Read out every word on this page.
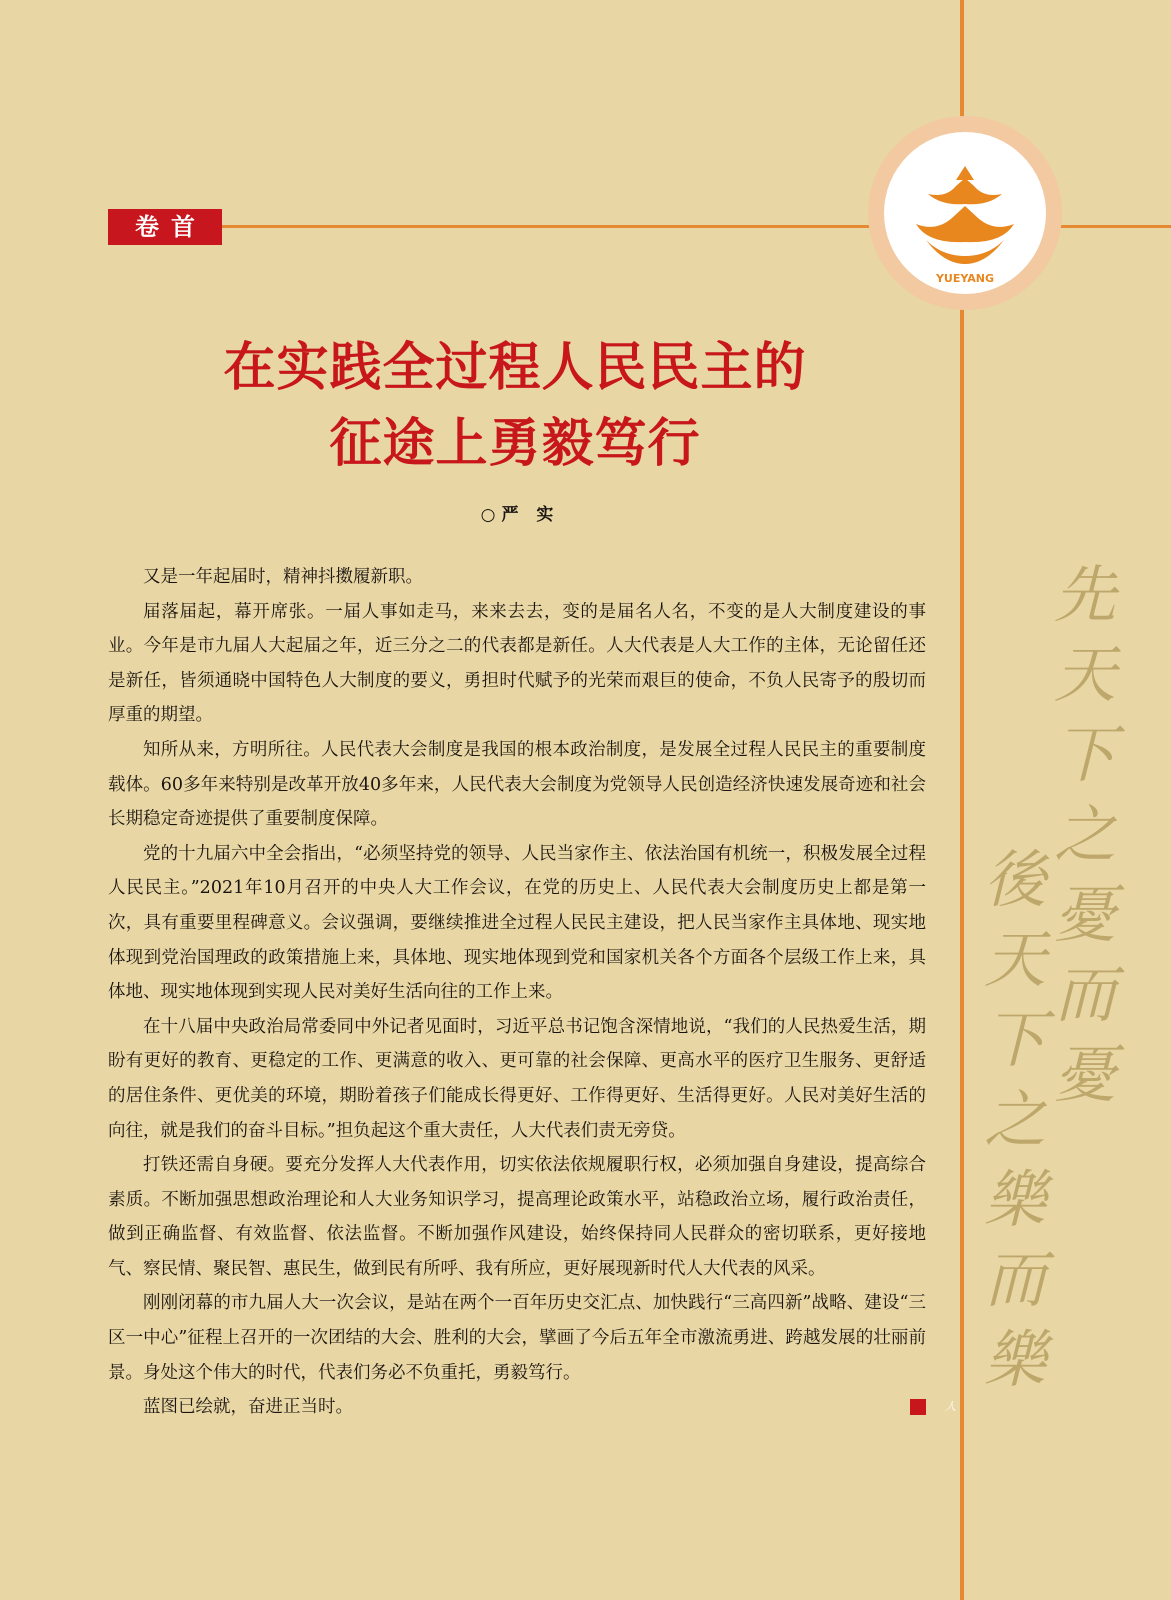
卷首
YUEYANG
在实践全过程人民民主的
征途上勇毅笃行
○严 实

又是一年起届时，精神抖擞履新职。

届落届起，幕开席张。一届人事如走马，来来去去，变的是届名人名，不变的是人大制度建设的事业。今年是市九届人大起届之年，近三分之二的代表都是新任。人大代表是人大工作的主体，无论留任还是新任，皆须通晓中国特色人大制度的要义，勇担时代赋予的光荣而艰巨的使命，不负人民寄予的殷切而厚重的期望。

知所从来，方明所往。人民代表大会制度是我国的根本政治制度，是发展全过程人民民主的重要制度载体。60多年来特别是改革开放40多年来，人民代表大会制度为党领导人民创造经济快速发展奇迹和社会长期稳定奇迹提供了重要制度保障。

党的十九届六中全会指出，“必须坚持党的领导、人民当家作主、依法治国有机统一，积极发展全过程人民民主。”2021年10月召开的中央人大工作会议，在党的历史上、人民代表大会制度历史上都是第一次，具有重要里程碑意义。会议强调，要继续推进全过程人民民主建设，把人民当家作主具体地、现实地体现到党治国理政的政策措施上来，具体地、现实地体现到党和国家机关各个方面各个层级工作上来，具体地、现实地体现到实现人民对美好生活向往的工作上来。

在十八届中央政治局常委同中外记者见面时，习近平总书记饱含深情地说，“我们的人民热爱生活，期盼有更好的教育、更稳定的工作、更满意的收入、更可靠的社会保障、更高水平的医疗卫生服务、更舒适的居住条件、更优美的环境，期盼着孩子们能成长得更好、工作得更好、生活得更好。人民对美好生活的向往，就是我们的奋斗目标。”担负起这个重大责任，人大代表们责无旁贷。

打铁还需自身硬。要充分发挥人大代表作用，切实依法依规履职行权，必须加强自身建设，提高综合素质。不断加强思想政治理论和人大业务知识学习，提高理论政策水平，站稳政治立场，履行政治责任，做到正确监督、有效监督、依法监督。不断加强作风建设，始终保持同人民群众的密切联系，更好接地气、察民情、聚民智、惠民生，做到民有所呼、我有所应，更好展现新时代人大代表的风采。

刚刚闭幕的市九届人大一次会议，是站在两个一百年历史交汇点、加快践行“三高四新”战略、建设“三区一中心”征程上召开的一次团结的大会、胜利的大会，擘画了今后五年全市激流勇进、跨越发展的壮丽前景。身处这个伟大的时代，代表们务必不负重托，勇毅笃行。

蓝图已绘就，奋进正当时。	人

先
天
下
之
憂
而
憂
後
天
下
之
樂
而
樂
